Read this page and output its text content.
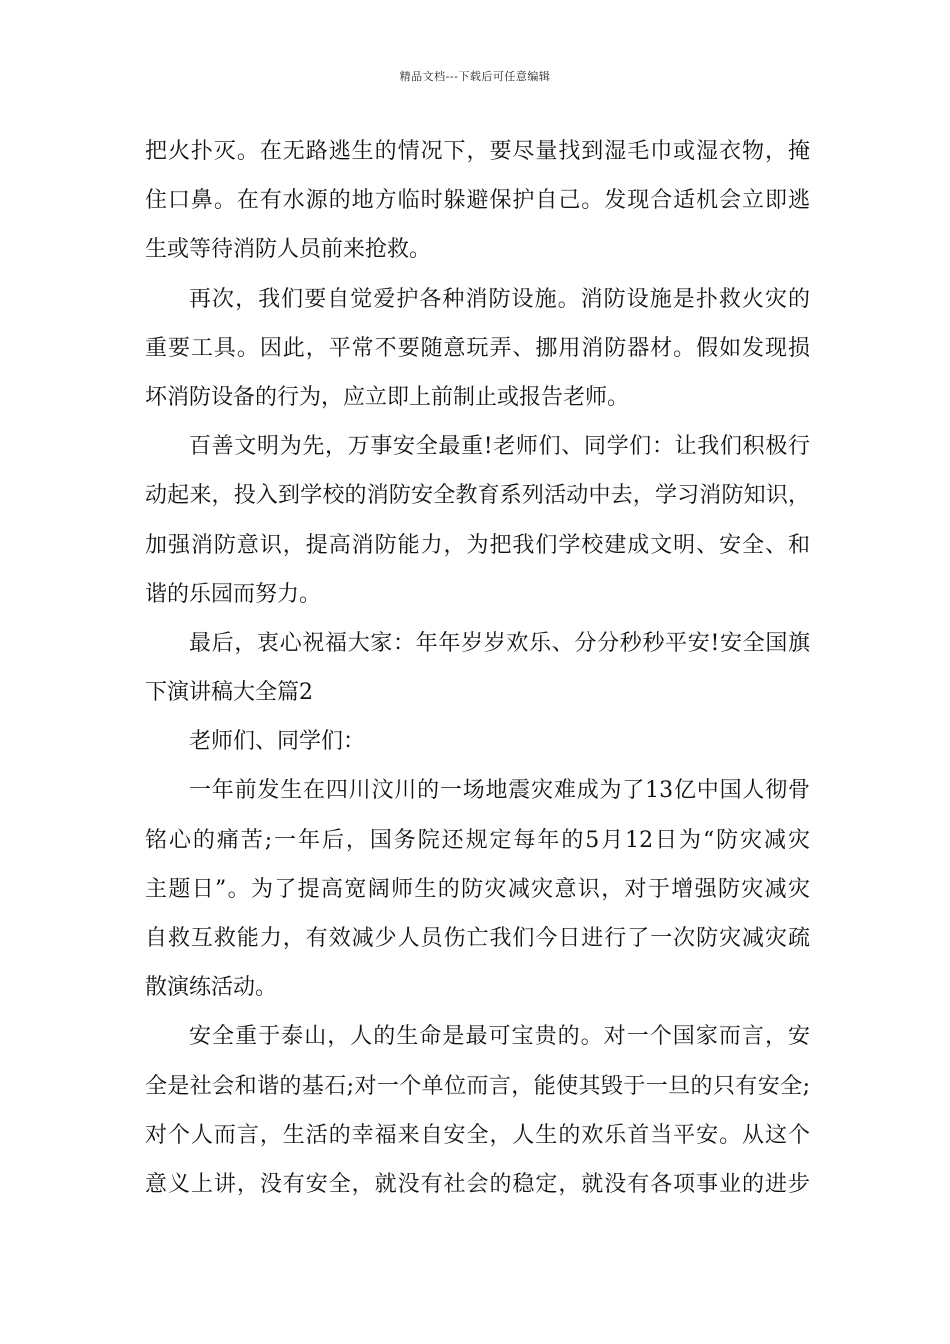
精品文档---下载后可任意编辑
把火扑灭。在无路逃生的情况下，要尽量找到湿毛巾或湿衣物，掩
住口鼻。在有水源的地方临时躲避保护自己。发现合适机会立即逃
生或等待消防人员前来抢救。
再次，我们要自觉爱护各种消防设施。消防设施是扑救火灾的
重要工具。因此，平常不要随意玩弄、挪用消防器材。假如发现损
坏消防设备的行为，应立即上前制止或报告老师。
百善文明为先，万事安全最重!老师们、同学们：让我们积极行
动起来，投入到学校的消防安全教育系列活动中去，学习消防知识，
加强消防意识，提高消防能力，为把我们学校建成文明、安全、和
谐的乐园而努力。
最后，衷心祝福大家：年年岁岁欢乐、分分秒秒平安!安全国旗
下演讲稿大全篇2
老师们、同学们：
一年前发生在四川汶川的一场地震灾难成为了13亿中国人彻骨
铭心的痛苦;一年后，国务院还规定每年的5月12日为“防灾减灾
主题日”。为了提高宽阔师生的防灾减灾意识，对于增强防灾减灾
自救互救能力，有效减少人员伤亡我们今日进行了一次防灾减灾疏
散演练活动。
安全重于泰山，人的生命是最可宝贵的。对一个国家而言，安
全是社会和谐的基石;对一个单位而言，能使其毁于一旦的只有安全;
对个人而言，生活的幸福来自安全，人生的欢乐首当平安。从这个
意义上讲，没有安全，就没有社会的稳定，就没有各项事业的进步
